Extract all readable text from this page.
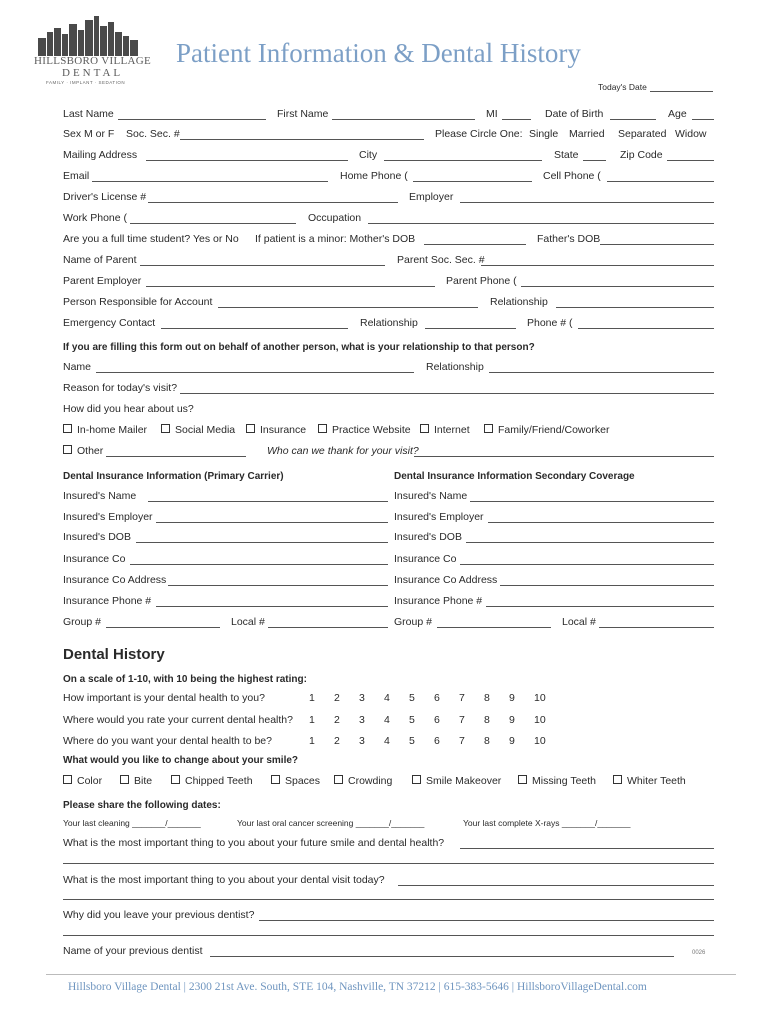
HILLSBORO VILLAGE
DENTAL
FAMILY · IMPLANT · SEDATION
Patient Information & Dental History
Today's Date
Last Name	First Name	MI	Date of Birth	Age
Sex M or F Soc. Sec. #	Please Circle One: Single Married Separated Widow
Mailing Address	City	State	Zip Code
Email	Home Phone (	Cell Phone (
Driver's License #	Employer
Work Phone (	Occupation
Are you a full time student? Yes or No If patient is a minor: Mother's DOB	Father's DOB
Name of Parent	Parent Soc. Sec. #
Parent Employer	Parent Phone (
Person Responsible for Account	Relationship
Emergency Contact	Relationship	Phone # (
If you are filling this form out on behalf of another person, what is your relationship to that person?
Name	Relationship
Reason for today's visit?
How did you hear about us?
In-home Mailer	Social Media	Insurance	Practice Website	Internet	Family/Friend/Coworker
Other	Who can we thank for your visit?
Dental Insurance Information (Primary Carrier)	Dental Insurance Information Secondary Coverage
Insured's Name	Insured's Name
Insured's Employer	Insured's Employer
Insured's DOB	Insured's DOB
Insurance Co	Insurance Co
Insurance Co Address	Insurance Co Address
Insurance Phone #	Insurance Phone #
Group #	Local #	Group #	Local #
Dental History
On a scale of 1-10, with 10 being the highest rating:
How important is your dental health to you?	1 2 3 4 5 6 7 8 9 10
Where would you rate your current dental health? 1 2 3 4 5 6 7 8 9 10
Where do you want your dental health to be?	1 2 3 4 5 6 7 8 9 10
What would you like to change about your smile?
Color	Bite	Chipped Teeth	Spaces	Crowding	Smile Makeover	Missing Teeth	Whiter Teeth
Please share the following dates:
Your last cleaning _______/_______	Your last oral cancer screening _______/_______	Your last complete X-rays _______/_______
What is the most important thing to you about your future smile and dental health?
What is the most important thing to you about your dental visit today?
Why did you leave your previous dentist?
Name of your previous dentist	0026
Hillsboro Village Dental | 2300 21st Ave. South, STE 104, Nashville, TN 37212 | 615-383-5646 | HillsboroVillageDental.com
